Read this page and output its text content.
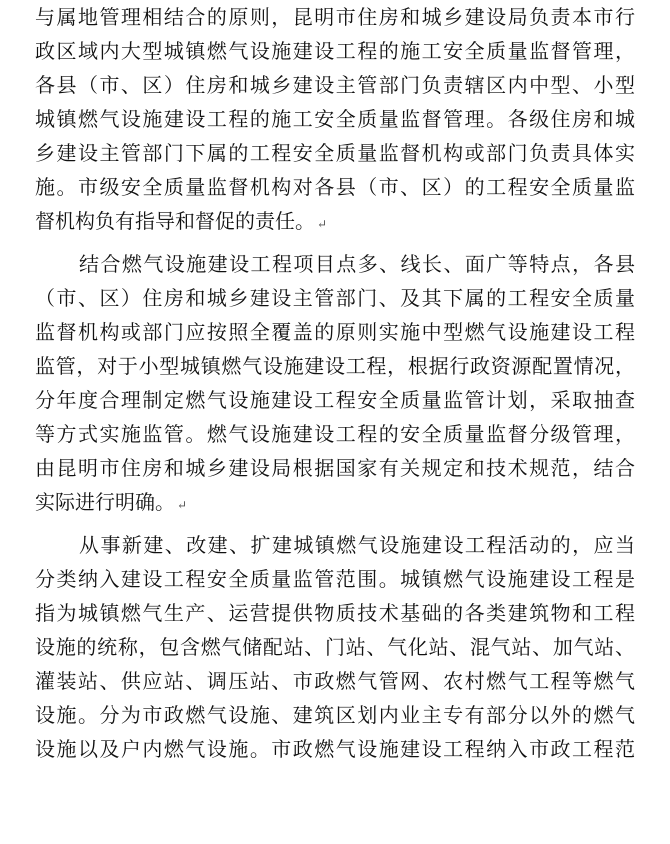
与属地管理相结合的原则，昆明市住房和城乡建设局负责本市行
政区域内大型城镇燃气设施建设工程的施工安全质量监督管理，
各县（市、区）住房和城乡建设主管部门负责辖区内中型、小型
城镇燃气设施建设工程的施工安全质量监督管理。各级住房和城
乡建设主管部门下属的工程安全质量监督机构或部门负责具体实
施。市级安全质量监督机构对各县（市、区）的工程安全质量监
督机构负有指导和督促的责任。 ↵
结合燃气设施建设工程项目点多、线长、面广等特点，各县
（市、区）住房和城乡建设主管部门、及其下属的工程安全质量
监督机构或部门应按照全覆盖的原则实施中型燃气设施建设工程
监管，对于小型城镇燃气设施建设工程，根据行政资源配置情况，
分年度合理制定燃气设施建设工程安全质量监管计划，采取抽查
等方式实施监管。燃气设施建设工程的安全质量监督分级管理，
由昆明市住房和城乡建设局根据国家有关规定和技术规范，结合
实际进行明确。 ↵
从事新建、改建、扩建城镇燃气设施建设工程活动的，应当
分类纳入建设工程安全质量监管范围。城镇燃气设施建设工程是
指为城镇燃气生产、运营提供物质技术基础的各类建筑物和工程
设施的统称，包含燃气储配站、门站、气化站、混气站、加气站、
灌装站、供应站、调压站、市政燃气管网、农村燃气工程等燃气
设施。分为市政燃气设施、建筑区划内业主专有部分以外的燃气
设施以及户内燃气设施。市政燃气设施建设工程纳入市政工程范
